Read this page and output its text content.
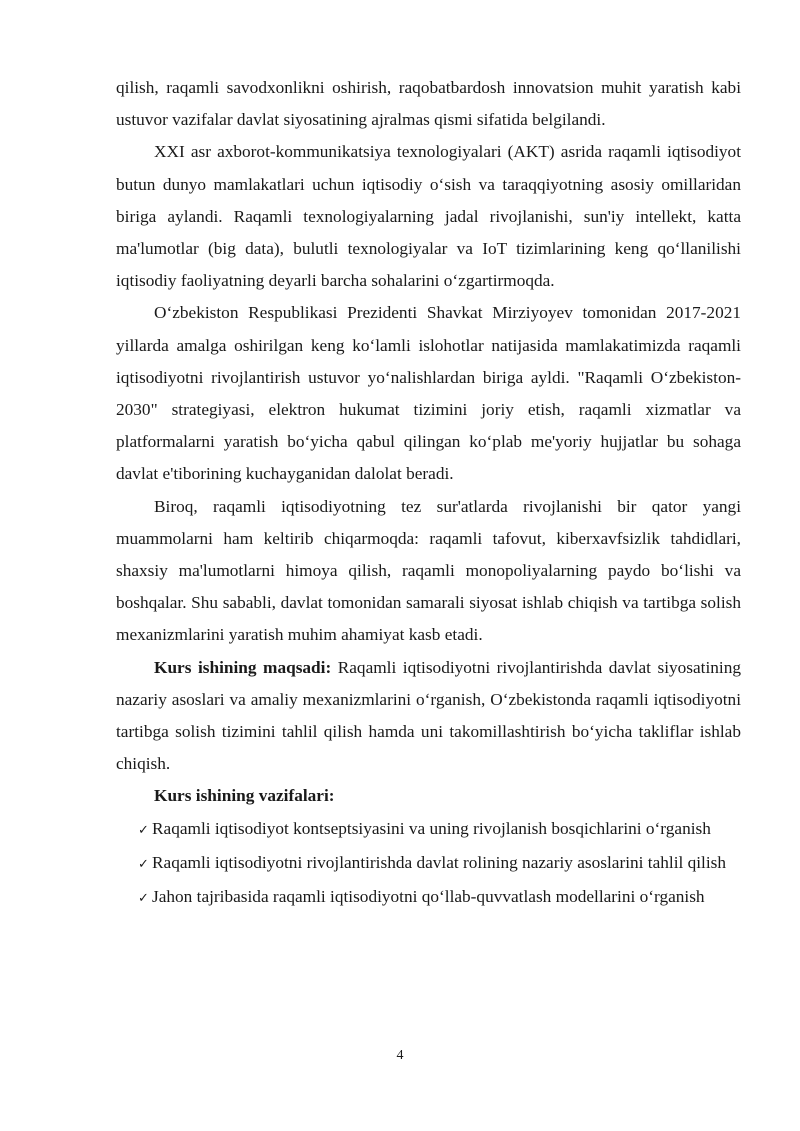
qilish, raqamli savodxonlikni oshirish, raqobatbardosh innovatsion muhit yaratish kabi ustuvor vazifalar davlat siyosatining ajralmas qismi sifatida belgilandi.

XXI asr axborot-kommunikatsiya texnologiyalari (AKT) asrida raqamli iqtisodiyot butun dunyo mamlakatlari uchun iqtisodiy o‘sish va taraqqiyotning asosiy omillaridan biriga aylandi. Raqamli texnologiyalarning jadal rivojlanishi, sun'iy intellekt, katta ma'lumotlar (big data), bulutli texnologiyalar va IoT tizimlarining keng qo‘llanilishi iqtisodiy faoliyatning deyarli barcha sohalarini o‘zgartirmoqda.

O‘zbekiston Respublikasi Prezidenti Shavkat Mirziyoyev tomonidan 2017-2021 yillarda amalga oshirilgan keng ko‘lamli islohotlar natijasida mamlakatimizda raqamli iqtisodiyotni rivojlantirish ustuvor yo‘nalishlardan biriga ayldi. "Raqamli O‘zbekiston-2030" strategiyasi, elektron hukumat tizimini joriy etish, raqamli xizmatlar va platformalarni yaratish bo‘yicha qabul qilingan ko‘plab me'yoriy hujjatlar bu sohaga davlat e'tiborining kuchayganidan dalolat beradi.

Biroq, raqamli iqtisodiyotning tez sur'atlarda rivojlanishi bir qator yangi muammolarni ham keltirib chiqarmoqda: raqamli tafovut, kiberxavfsizlik tahdidlari, shaxsiy ma'lumotlarni himoya qilish, raqamli monopoliyalarning paydo bo‘lishi va boshqalar. Shu sababli, davlat tomonidan samarali siyosat ishlab chiqish va tartibga solish mexanizmlarini yaratish muhim ahamiyat kasb etadi.

Kurs ishining maqsadi: Raqamli iqtisodiyotni rivojlantirishda davlat siyosatining nazariy asoslari va amaliy mexanizmlarini o‘rganish, O‘zbekistonda raqamli iqtisodiyotni tartibga solish tizimini tahlil qilish hamda uni takomillashtirish bo‘yicha takliflar ishlab chiqish.

Kurs ishining vazifalari:

✓ Raqamli iqtisodiyot kontseptsiyasini va uning rivojlanish bosqichlarini o‘rganish

✓ Raqamli iqtisodiyotni rivojlantirishda davlat rolining nazariy asoslarini tahlil qilish

✓ Jahon tajribasida raqamli iqtisodiyotni qo‘llab-quvvatlash modellarini o‘rganish

4
